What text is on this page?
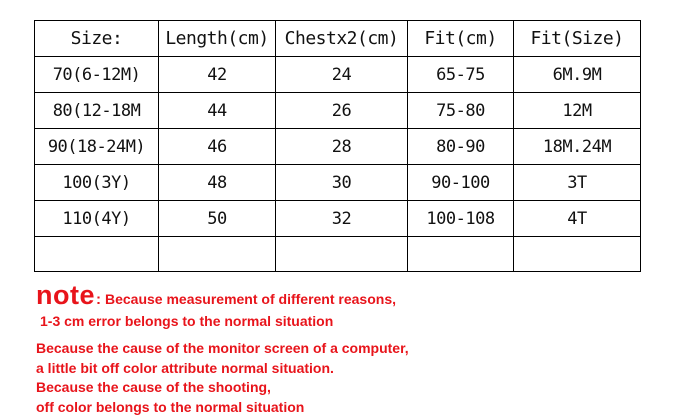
Size:	Length(cm)	Chestx2(cm)	Fit(cm)	Fit(Size)
70(6-12M)	42	24	65-75	6M.9M
80(12-18M	44	26	75-80	12M
90(18-24M)	46	28	80-90	18M.24M
100(3Y)	48	30	90-100	3T
110(4Y)	50	32	100-108	4T

note : Because measurement of different reasons,
1-3 cm error belongs to the normal situation
Because the cause of the monitor screen of a computer,
a little bit off color attribute normal situation.
Because the cause of the shooting,
off color belongs to the normal situation
